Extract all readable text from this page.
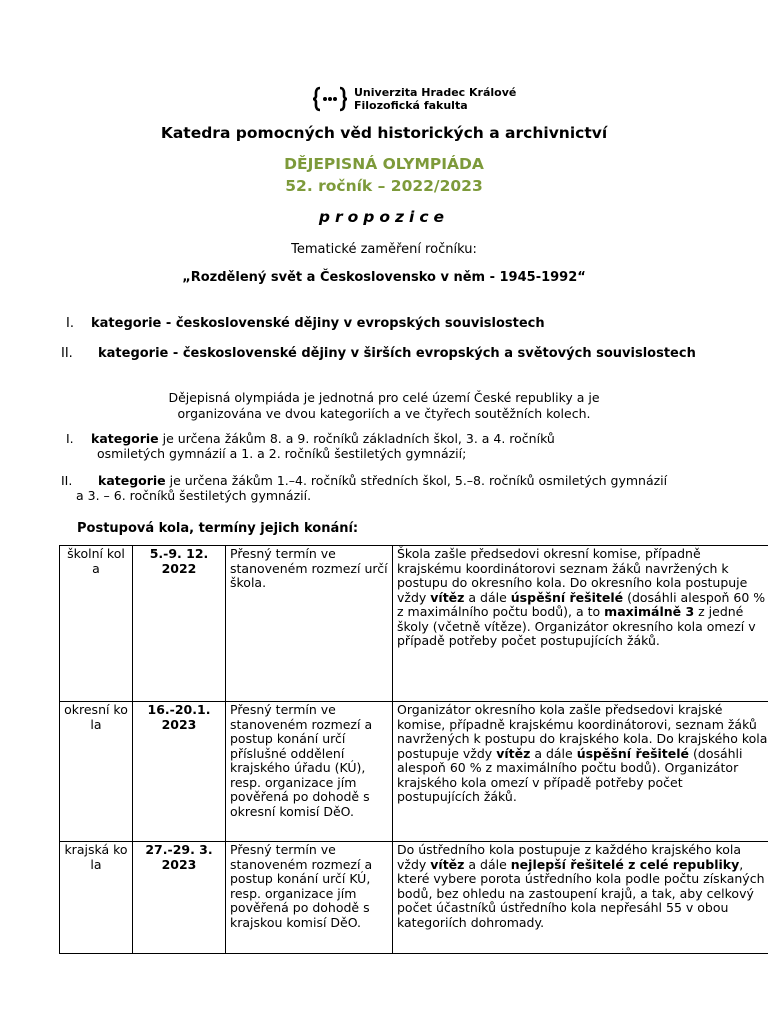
Univerzita Hradec Králové
Filozofická fakulta
Katedra pomocných věd historických a archivnictví
DĚJEPISNÁ OLYMPIÁDA
52. ročník – 2022/2023
propozice
Tematické zaměření ročníku:
„Rozdělený svět a Československo v něm - 1945-1992“
I. kategorie - československé dějiny v evropských souvislostech
II. kategorie - československé dějiny v širších evropských a světových souvislostech
Dějepisná olympiáda je jednotná pro celé území České republiky a je
organizována ve dvou kategoriích a ve čtyřech soutěžních kolech.
I. kategorie je určena žákům 8. a 9. ročníků základních škol, 3. a 4. ročníků
osmiletých gymnázií a 1. a 2. ročníků šestiletých gymnázií;
II. kategorie je určena žákům 1.–4. ročníků středních škol, 5.–8. ročníků osmiletých gymnázií
a 3. – 6. ročníků šestiletých gymnázií.
Postupová kola, termíny jejich konání:
školní kola	5.-9. 12. 2022	Přesný termín ve stanoveném rozmezí určí škola.	Škola zašle předsedovi okresní komise, případně krajskému koordinátorovi seznam žáků navržených k postupu do okresního kola. Do okresního kola postupuje vždy vítěz a dále úspěšní řešitelé (dosáhli alespoň 60 % z maximálního počtu bodů), a to maximálně 3 z jedné školy (včetně vítěze). Organizátor okresního kola omezí v případě potřeby počet postupujících žáků.
okresní kola	16.-20.1. 2023	Přesný termín ve stanoveném rozmezí a postup konání určí příslušné oddělení krajského úřadu (KÚ), resp. organizace jím pověřená po dohodě s okresní komisí DěO.	Organizátor okresního kola zašle předsedovi krajské komise, případně krajskému koordinátorovi, seznam žáků navržených k postupu do krajského kola. Do krajského kola postupuje vždy vítěz a dále úspěšní řešitelé (dosáhli alespoň 60 % z maximálního počtu bodů). Organizátor krajského kola omezí v případě potřeby počet postupujících žáků.
krajská kola	27.-29. 3. 2023	Přesný termín ve stanoveném rozmezí a postup konání určí KÚ, resp. organizace jím pověřená po dohodě s krajskou komisí DěO.	Do ústředního kola postupuje z každého krajského kola vždy vítěz a dále nejlepší řešitelé z celé republiky, které vybere porota ústředního kola podle počtu získaných bodů, bez ohledu na zastoupení krajů, a tak, aby celkový počet účastníků ústředního kola nepřesáhl 55 v obou kategoriích dohromady.
